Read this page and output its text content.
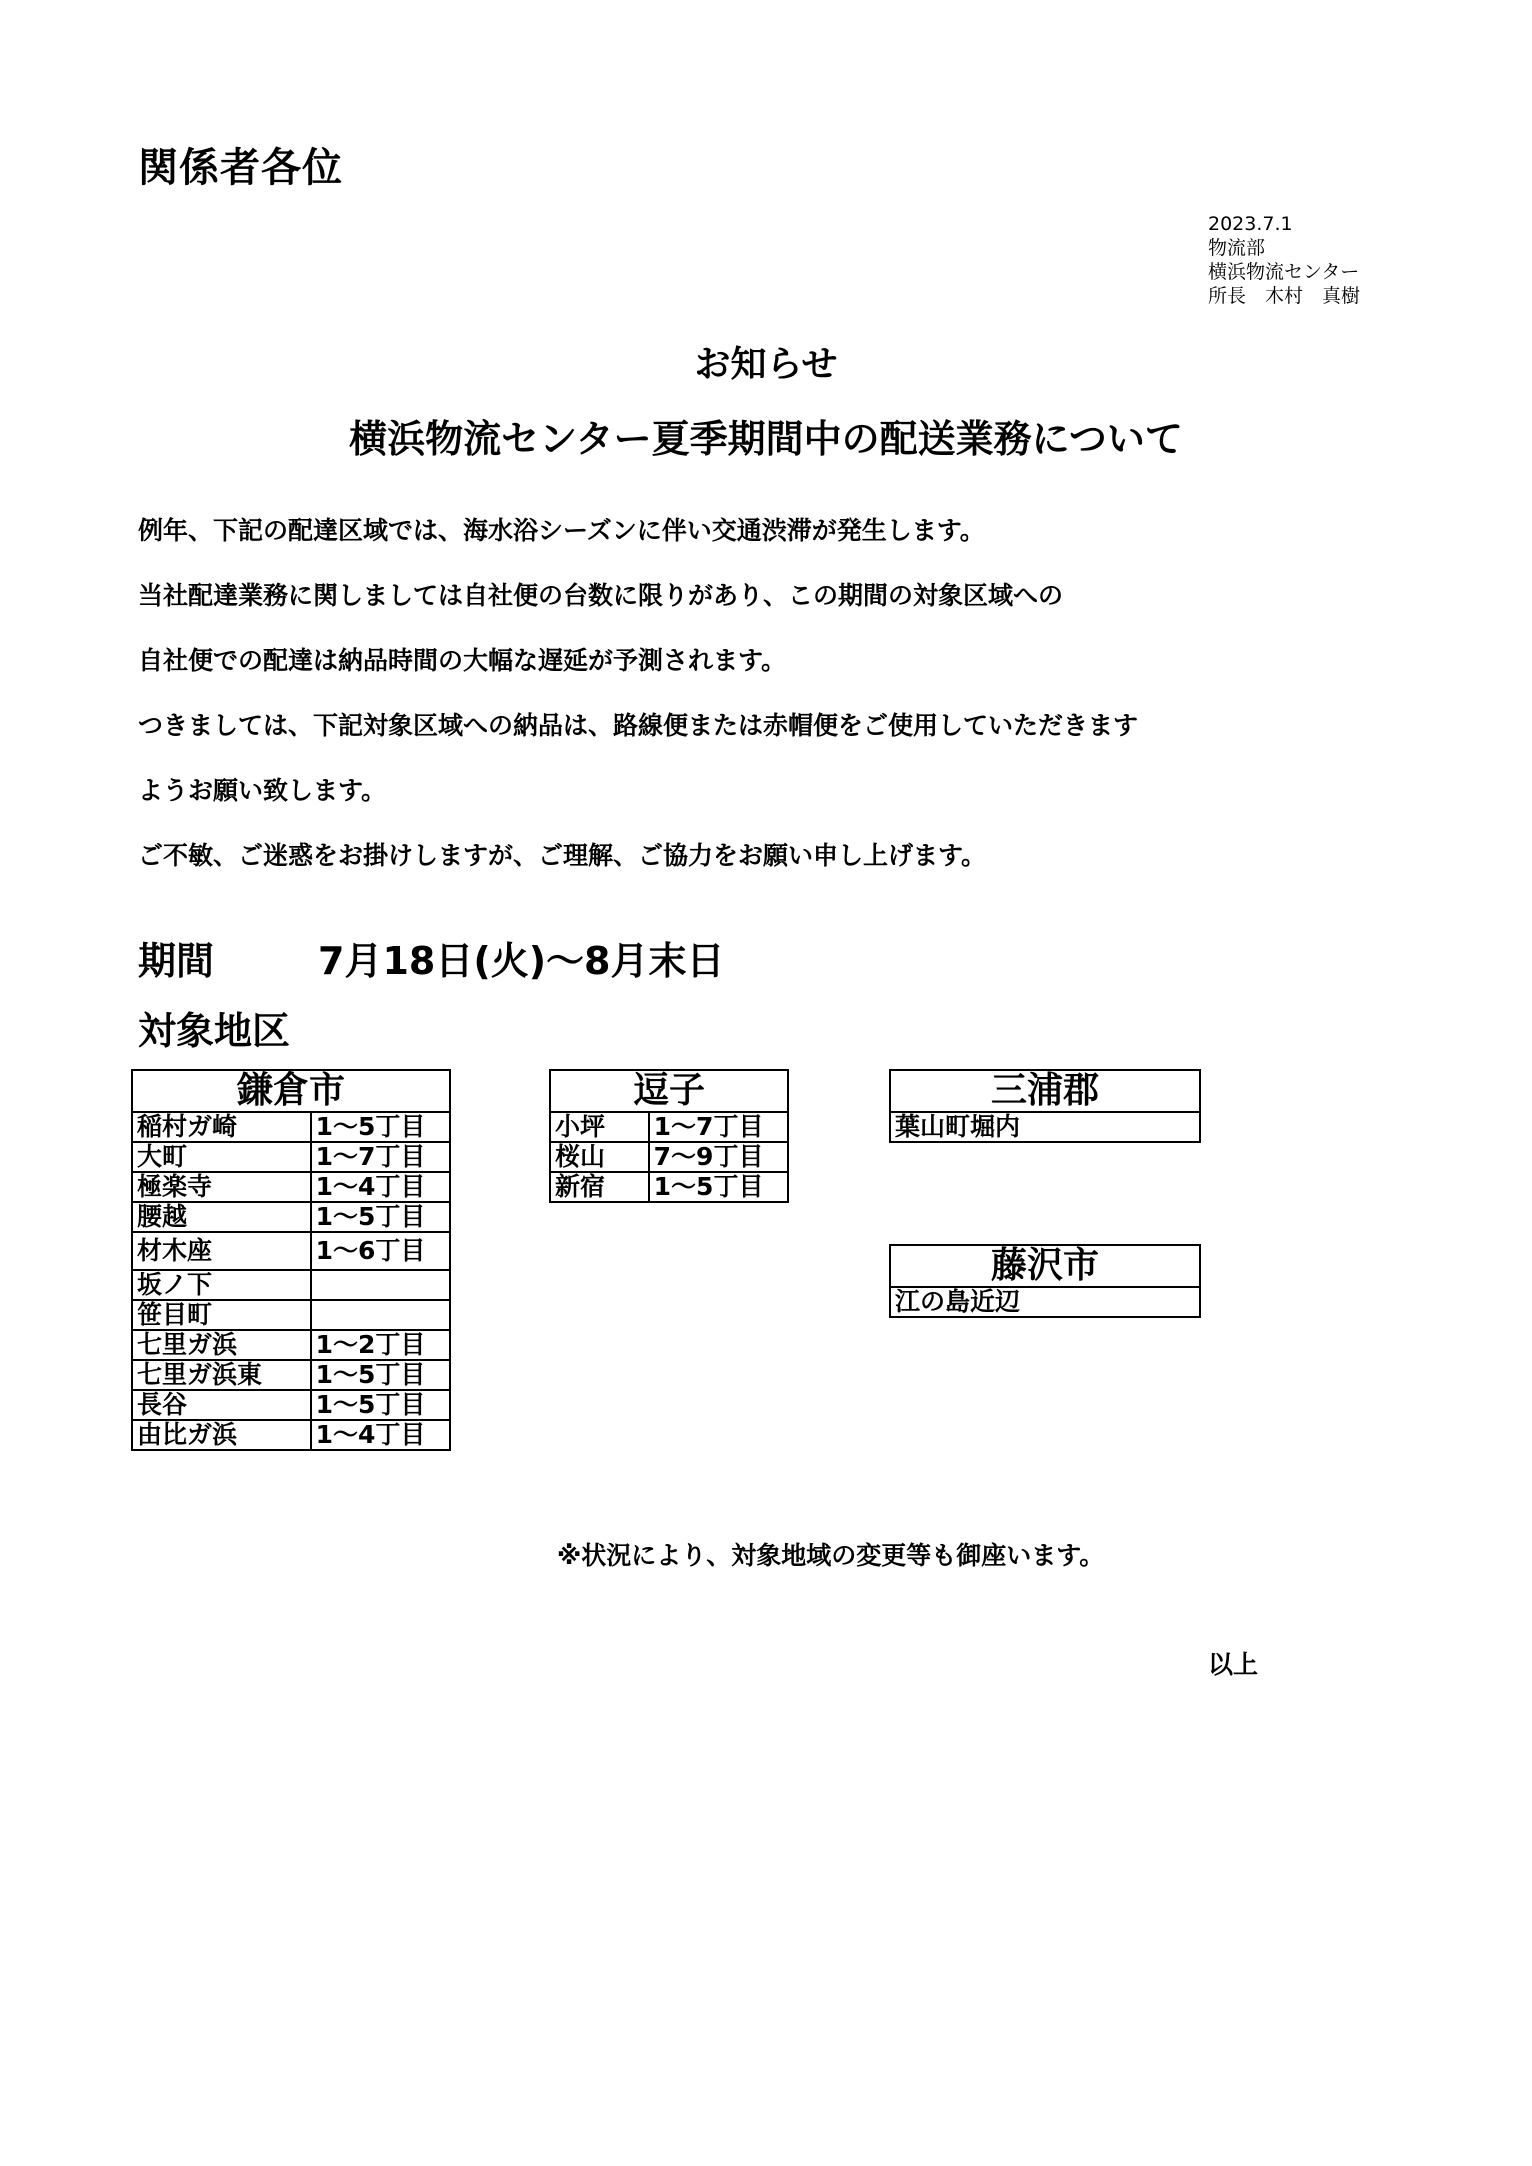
関係者各位
2023.7.1
物流部
横浜物流センター
所長　木村　真樹
お知らせ
横浜物流センター夏季期間中の配送業務について
例年、下記の配達区域では、海水浴シーズンに伴い交通渋滞が発生します。
当社配達業務に関しましては自社便の台数に限りがあり、この期間の対象区域への
自社便での配達は納品時間の大幅な遅延が予測されます。
つきましては、下記対象区域への納品は、路線便または赤帽便をご使用していただきます
ようお願い致します。
ご不敏、ご迷惑をお掛けしますが、ご理解、ご協力をお願い申し上げます。
期間	7月18日(火)～8月末日
対象地区
鎌倉市	
稲村ガ崎	1～5丁目
大町	1～7丁目
極楽寺	1～4丁目
腰越	1～5丁目
材木座	1～6丁目
坂ノ下	
笹目町	
七里ガ浜	1～2丁目
七里ガ浜東	1～5丁目
長谷	1～5丁目
由比ガ浜	1～4丁目
逗子	
小坪	1～7丁目
桜山	7～9丁目
新宿	1～5丁目
三浦郡
葉山町堀内
藤沢市
江の島近辺
※状況により、対象地域の変更等も御座います。
以上
